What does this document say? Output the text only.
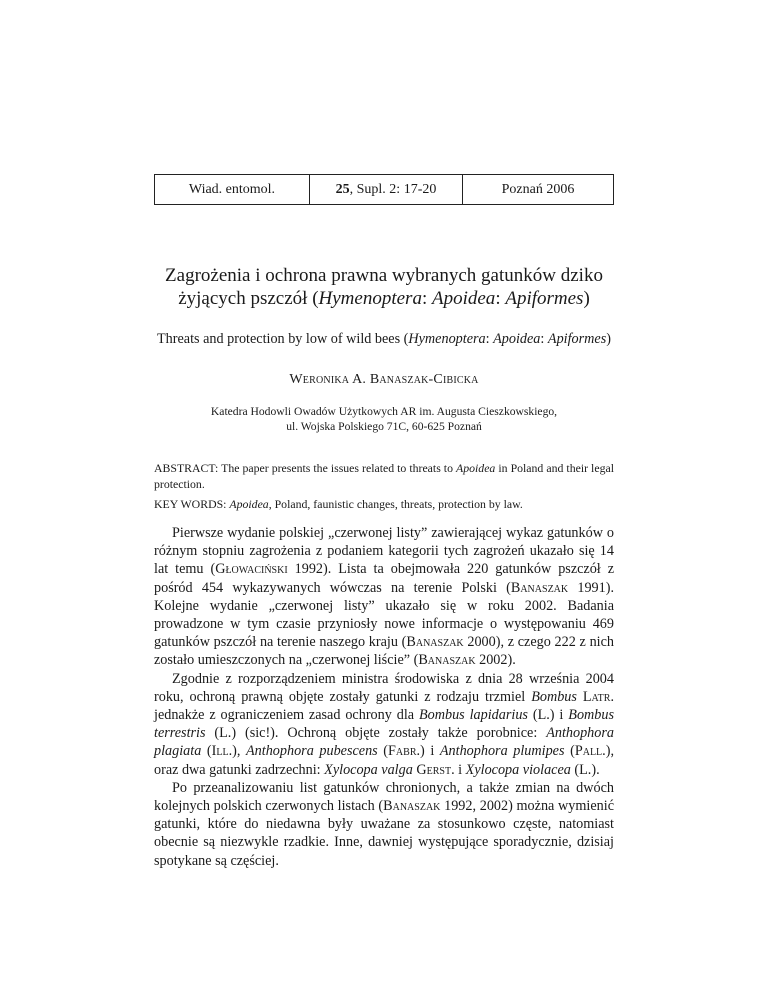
Wiad. entomol.	25, Supl. 2: 17-20	Poznań 2006
Zagrożenia i ochrona prawna wybranych gatunków dziko
żyjących pszczół (Hymenoptera: Apoidea: Apiformes)
Threats and protection by low of wild bees (Hymenoptera: Apoidea: Apiformes)
Weronika A. Banaszak-Cibicka
Katedra Hodowli Owadów Użytkowych AR im. Augusta Cieszkowskiego,
ul. Wojska Polskiego 71C, 60-625 Poznań

ABSTRACT: The paper presents the issues related to threats to Apoidea in Poland and their legal protection.

KEY WORDS: Apoidea, Poland, faunistic changes, threats, protection by law.

Pierwsze wydanie polskiej „czerwonej listy” zawierającej wykaz gatunków o różnym stopniu zagrożenia z podaniem kategorii tych zagrożeń ukazało się 14 lat temu (Głowaciński 1992). Lista ta obejmowała 220 gatunków pszczół z pośród 454 wykazywanych wówczas na terenie Polski (Banaszak 1991). Kolejne wydanie „czerwonej listy” ukazało się w roku 2002. Badania prowadzone w tym czasie przyniosły nowe informacje o występowaniu 469 gatunków pszczół na terenie naszego kraju (Banaszak 2000), z czego 222 z nich zostało umieszczonych na „czerwonej liście” (Banaszak 2002).

Zgodnie z rozporządzeniem ministra środowiska z dnia 28 września 2004 roku, ochroną prawną objęte zostały gatunki z rodzaju trzmiel Bombus Latr. jednakże z ograniczeniem zasad ochrony dla Bombus lapidarius (L.) i Bombus terrestris (L.) (sic!). Ochroną objęte zostały także porobnice: Anthophora plagiata (Ill.), Anthophora pubescens (Fabr.) i Anthophora plumipes (Pall.), oraz dwa gatunki zadrzechni: Xylocopa valga Gerst. i Xylocopa violacea (L.).

Po przeanalizowaniu list gatunków chronionych, a także zmian na dwóch kolejnych polskich czerwonych listach (Banaszak 1992, 2002) można wymienić gatunki, które do niedawna były uważane za stosunkowo częste, natomiast obecnie są niezwykle rzadkie. Inne, dawniej występujące sporadycznie, dzisiaj spotykane są częściej.
